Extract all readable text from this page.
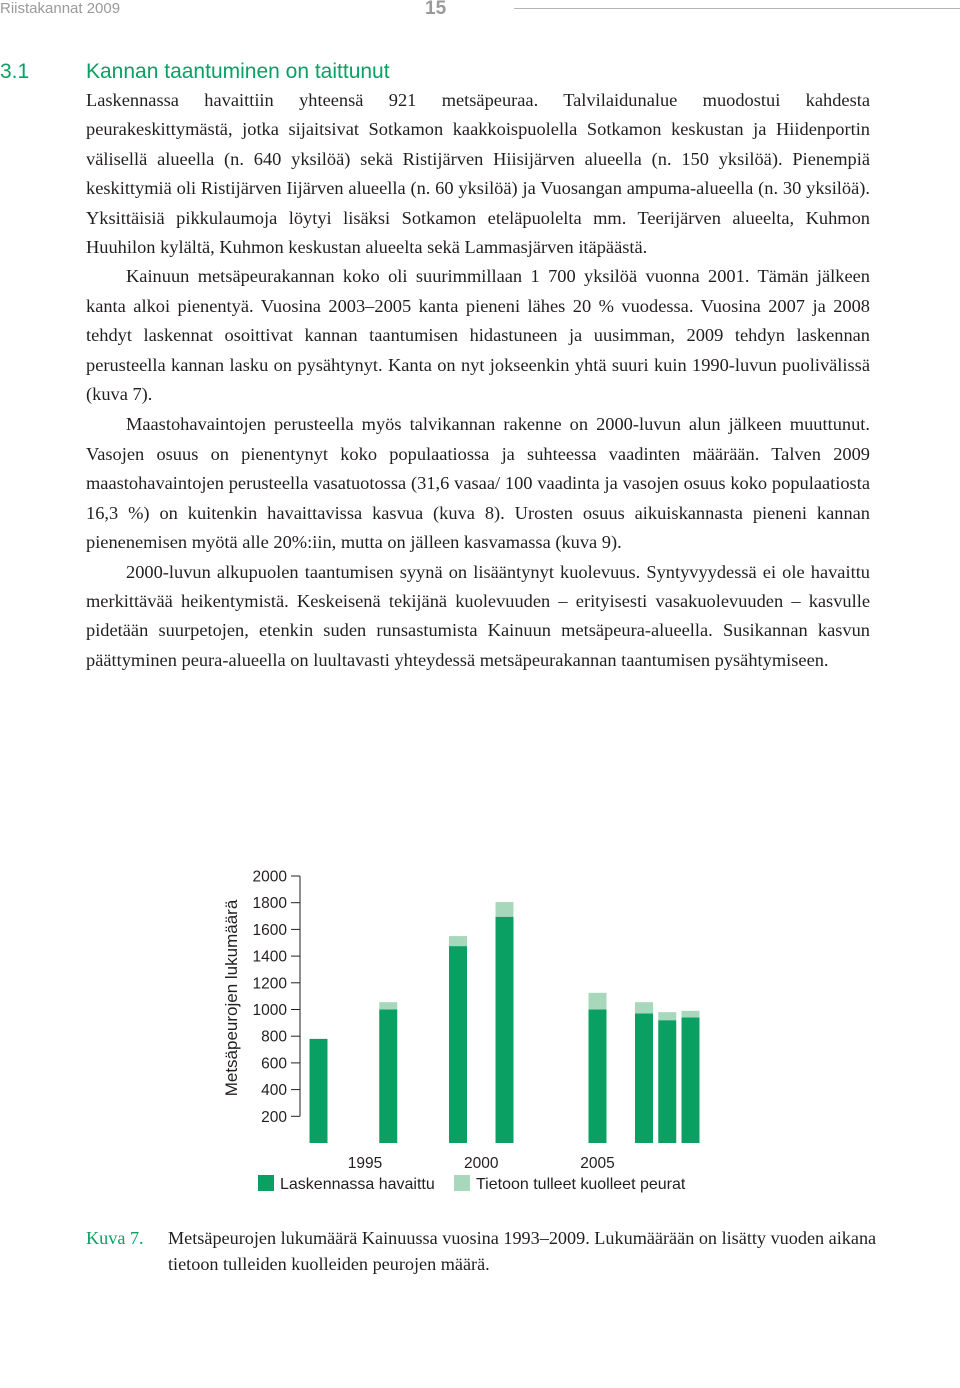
Riistakannat 2009	15
3.1	Kannan taantuminen on taittunut

Laskennassa havaittiin yhteensä 921 metsäpeuraa. Talvilaidunalue muodostui kahdesta peurakeskittymästä, jotka sijaitsivat Sotkamon kaakkoispuolella Sotkamon keskustan ja Hiidenportin välisellä alueella (n. 640 yksilöä) sekä Ristijärven Hiisijärven alueella (n. 150 yksilöä). Pienempiä keskittymiä oli Ristijärven Iijärven alueella (n. 60 yksilöä) ja Vuosangan ampuma-alueella (n. 30 yksilöä). Yksittäisiä pikkulaumoja löytyi lisäksi Sotkamon eteläpuolelta mm. Teerijärven alueelta, Kuhmon Huuhilon kylältä, Kuhmon keskustan alueelta sekä Lammasjärven itäpäästä.

Kainuun metsäpeurakannan koko oli suurimmillaan 1 700 yksilöä vuonna 2001. Tämän jälkeen kanta alkoi pienentyä. Vuosina 2003–2005 kanta pieneni lähes 20 % vuodessa. Vuosina 2007 ja 2008 tehdyt laskennat osoittivat kannan taantumisen hidastuneen ja uusimman, 2009 tehdyn laskennan perusteella kannan lasku on pysähtynyt. Kanta on nyt jokseenkin yhtä suuri kuin 1990-luvun puolivälissä (kuva 7).

Maastohavaintojen perusteella myös talvikannan rakenne on 2000-luvun alun jälkeen muuttunut. Vasojen osuus on pienentynyt koko populaatiossa ja suhteessa vaadinten määrään. Talven 2009 maastohavaintojen perusteella vasatuotossa (31,6 vasaa/ 100 vaadinta ja vasojen osuus koko populaatiosta 16,3 %) on kuitenkin havaittavissa kasvua (kuva 8). Urosten osuus aikuiskannasta pieneni kannan pienenemisen myötä alle 20%:iin, mutta on jälleen kasvamassa (kuva 9).

2000-luvun alkupuolen taantumisen syynä on lisääntynyt kuolevuus. Syntyvyydessä ei ole havaittu merkittävää heikentymistä. Keskeisenä tekijänä kuolevuuden – erityisesti vasakuolevuuden – kasvulle pidetään suurpetojen, etenkin suden runsastumista Kainuun metsäpeura-alueella. Susikannan kasvun päättyminen peura-alueella on luultavasti yhteydessä metsäpeurakannan taantumisen pysähtymiseen.

200
400
600
800
1000
1200
1400
1600
1800
2000
1995	2000	2005
Metsäpeurojen lukumäärä
Laskennassa havaittu	Tietoon tulleet kuolleet peurat
Kuva 7. Metsäpeurojen lukumäärä Kainuussa vuosina 1993–2009. Lukumäärään on lisätty vuoden aikana tietoon tulleiden kuolleiden peurojen määrä.
